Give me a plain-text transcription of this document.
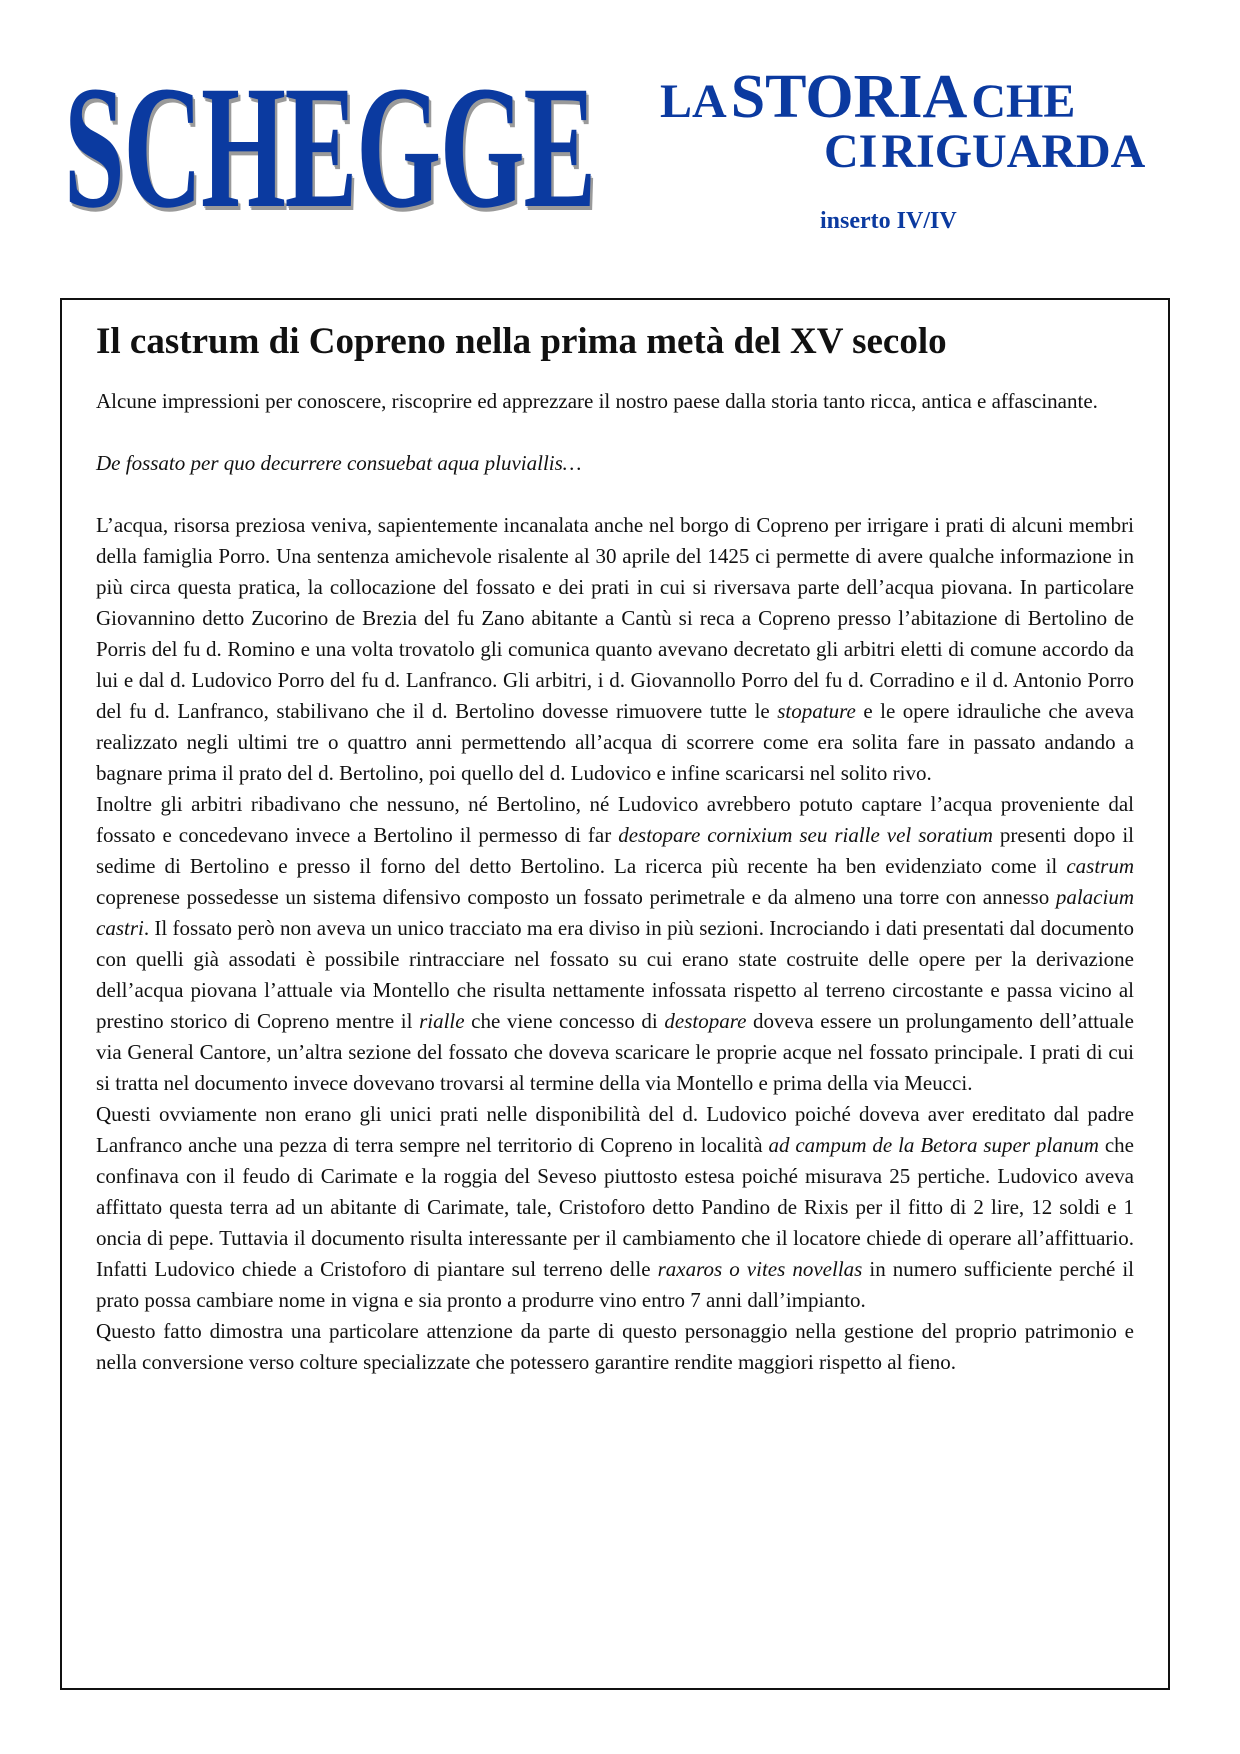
SCHEGGE LA STORIA CHE
CI RIGUARDA
inserto IV/IV
Il castrum di Copreno nella prima metà del XV secolo

Alcune impressioni per conoscere, riscoprire ed apprezzare il nostro paese dalla storia tanto ricca, antica e affascinante.

De fossato per quo decurrere consuebat aqua pluviallis…

L’acqua, risorsa preziosa veniva, sapientemente incanalata anche nel borgo di Copreno per irrigare i prati di alcuni membri della famiglia Porro. Una sentenza amichevole risalente al 30 aprile del 1425 ci permette di avere qualche informazione in più circa questa pratica, la collocazione del fossato e dei prati in cui si riversava parte dell’acqua piovana. In particolare Giovannino detto Zucorino de Brezia del fu Zano abitante a Cantù si reca a Copreno presso l’abitazione di Bertolino de Porris del fu d. Romino e una volta trovatolo gli comunica quanto avevano decretato gli arbitri eletti di comune accordo da lui e dal d. Ludovico Porro del fu d. Lanfranco. Gli arbitri, i d. Giovannollo Porro del fu d. Corradino e il d. Antonio Porro del fu d. Lanfranco, stabilivano che il d. Bertolino dovesse rimuovere tutte le stopature e le opere idrauliche che aveva realizzato negli ultimi tre o quattro anni permettendo all’acqua di scorrere come era solita fare in passato andando a bagnare prima il prato del d. Bertolino, poi quello del d. Ludovico e infine scaricarsi nel solito rivo.

Inoltre gli arbitri ribadivano che nessuno, né Bertolino, né Ludovico avrebbero potuto captare l’acqua proveniente dal fossato e concedevano invece a Bertolino il permesso di far destopare cornixium seu rialle vel soratium presenti dopo il sedime di Bertolino e presso il forno del detto Bertolino. La ricerca più recente ha ben evidenziato come il castrum coprenese possedesse un sistema difensivo composto un fossato perimetrale e da almeno una torre con annesso palacium castri. Il fossato però non aveva un unico tracciato ma era diviso in più sezioni. Incrociando i dati presentati dal documento con quelli già assodati è possibile rintracciare nel fossato su cui erano state costruite delle opere per la derivazione dell’acqua piovana l’attuale via Montello che risulta nettamente infossata rispetto al terreno circostante e passa vicino al prestino storico di Copreno mentre il rialle che viene concesso di destopare doveva essere un prolungamento dell’attuale via General Cantore, un’altra sezione del fossato che doveva scaricare le proprie acque nel fossato principale. I prati di cui si tratta nel documento invece dovevano trovarsi al termine della via Montello e prima della via Meucci.

Questi ovviamente non erano gli unici prati nelle disponibilità del d. Ludovico poiché doveva aver ereditato dal padre Lanfranco anche una pezza di terra sempre nel territorio di Copreno in località ad campum de la Betora super planum che confinava con il feudo di Carimate e la roggia del Seveso piuttosto estesa poiché misurava 25 pertiche. Ludovico aveva affittato questa terra ad un abitante di Carimate, tale, Cristoforo detto Pandino de Rixis per il fitto di 2 lire, 12 soldi e 1 oncia di pepe. Tuttavia il documento risulta interessante per il cambiamento che il locatore chiede di operare all’affittuario. Infatti Ludovico chiede a Cristoforo di piantare sul terreno delle raxaros o vites novellas in numero sufficiente perché il prato possa cambiare nome in vigna e sia pronto a produrre vino entro 7 anni dall’impianto.

Questo fatto dimostra una particolare attenzione da parte di questo personaggio nella gestione del proprio patrimonio e nella conversione verso colture specializzate che potessero garantire rendite maggiori rispetto al fieno.
